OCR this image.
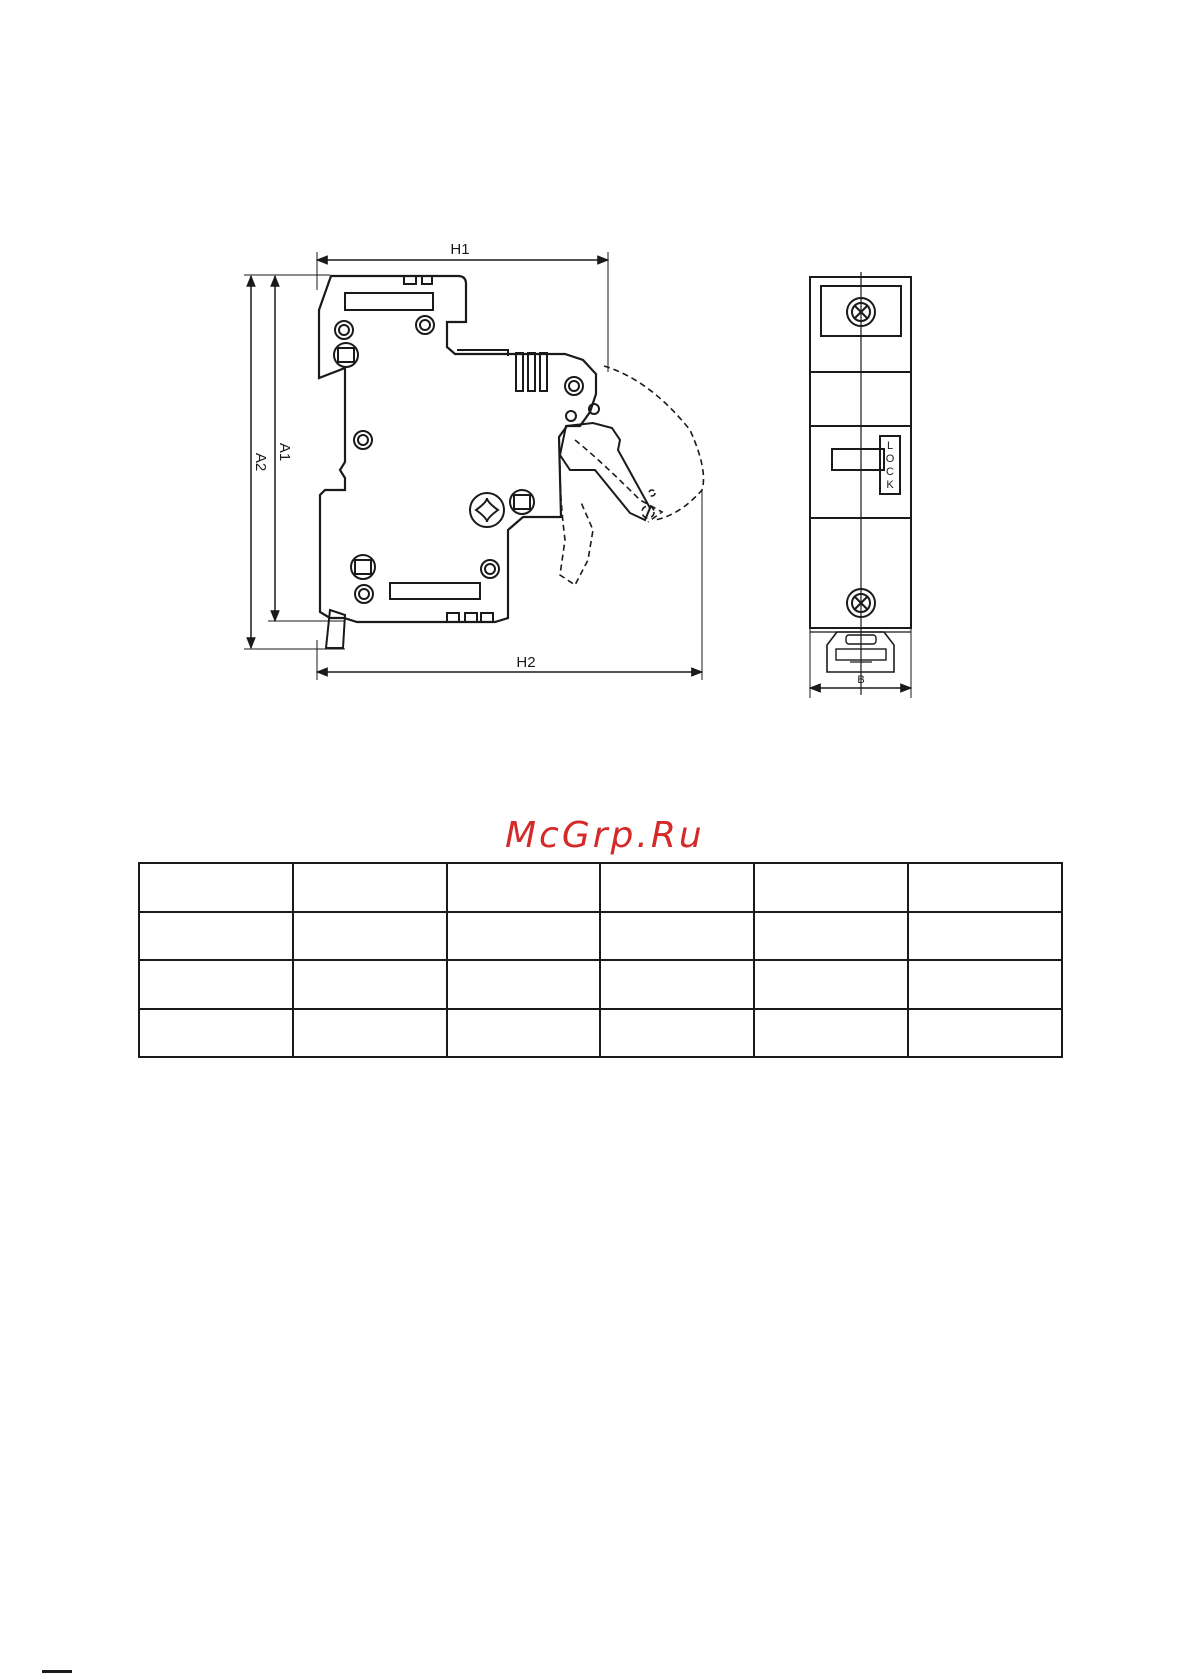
H1
A2
A1
H2
L
O
C
K
B
McGrp.Ru
